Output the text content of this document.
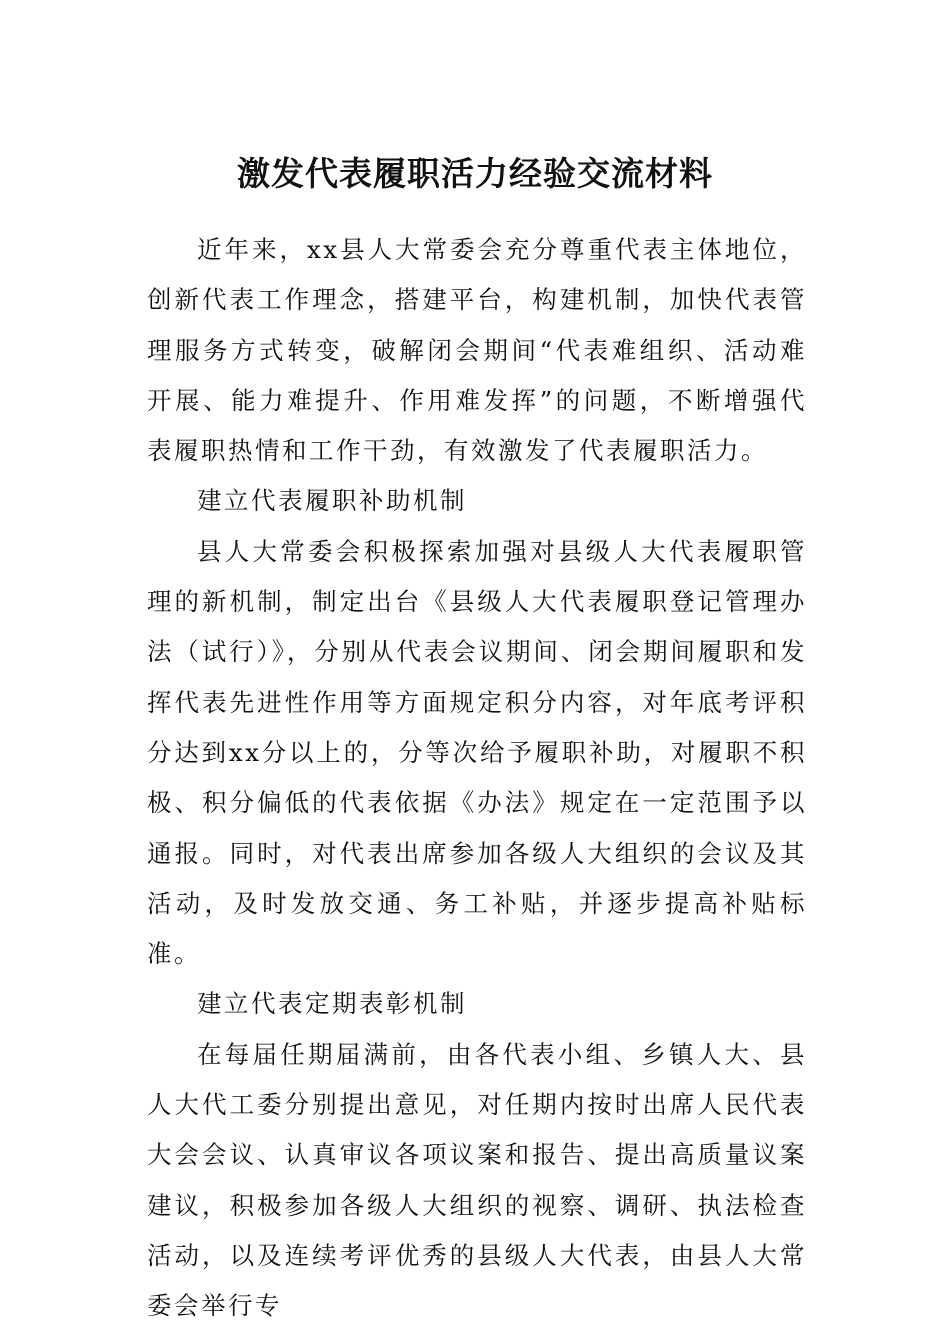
激发代表履职活力经验交流材料

近年来，xx县人大常委会充分尊重代表主体地位，创新代表工作理念，搭建平台，构建机制，加快代表管理服务方式转变，破解闭会期间“代表难组织、活动难开展、能力难提升、作用难发挥”的问题，不断增强代表履职热情和工作干劲，有效激发了代表履职活力。

建立代表履职补助机制

县人大常委会积极探索加强对县级人大代表履职管理的新机制，制定出台《县级人大代表履职登记管理办法（试行）》，分别从代表会议期间、闭会期间履职和发挥代表先进性作用等方面规定积分内容，对年底考评积分达到xx分以上的，分等次给予履职补助，对履职不积极、积分偏低的代表依据《办法》规定在一定范围予以通报。同时，对代表出席参加各级人大组织的会议及其活动，及时发放交通、务工补贴，并逐步提高补贴标准。

建立代表定期表彰机制

在每届任期届满前，由各代表小组、乡镇人大、县人大代工委分别提出意见，对任期内按时出席人民代表大会会议、认真审议各项议案和报告、提出高质量议案建议，积极参加各级人大组织的视察、调研、执法检查活动，以及连续考评优秀的县级人大代表，由县人大常委会举行专
